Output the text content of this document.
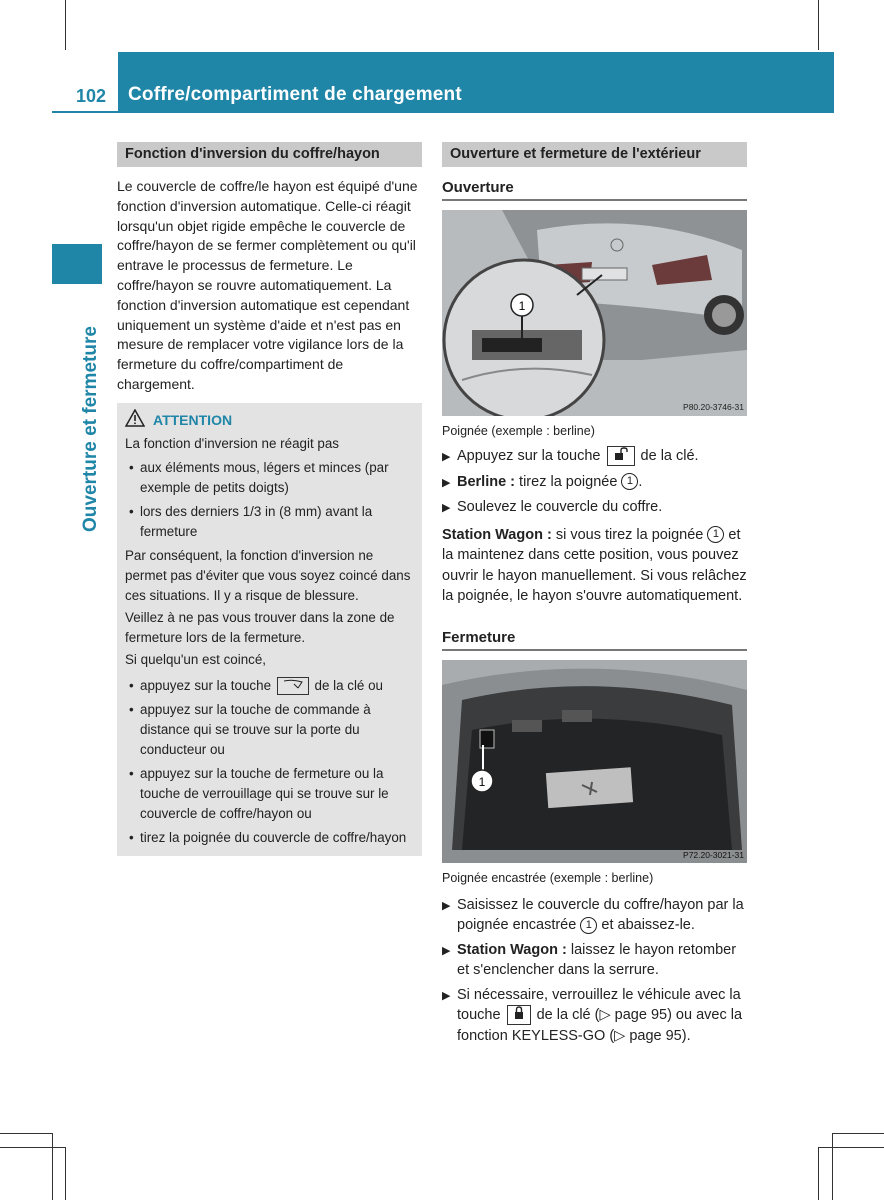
102 Coffre/compartiment de chargement
Ouverture et fermeture
Fonction d'inversion du coffre/hayon
Le couvercle de coffre/le hayon est équipé d'une fonction d'inversion automatique. Celle-ci réagit lorsqu'un objet rigide empêche le couvercle de coffre/hayon de se fermer complètement ou qu'il entrave le processus de fermeture. Le coffre/hayon se rouvre automatiquement. La fonction d'inversion automatique est cependant uniquement un système d'aide et n'est pas en mesure de remplacer votre vigilance lors de la fermeture du coffre/compartiment de chargement.
ATTENTION

La fonction d'inversion ne réagit pas

• aux éléments mous, légers et minces (par exemple de petits doigts)
• lors des derniers 1/3 in (8 mm) avant la fermeture

Par conséquent, la fonction d'inversion ne permet pas d'éviter que vous soyez coincé dans ces situations. Il y a risque de blessure.

Veillez à ne pas vous trouver dans la zone de fermeture lors de la fermeture.

Si quelqu'un est coincé,

• appuyez sur la touche	de la clé ou
• appuyez sur la touche de commande à distance qui se trouve sur la porte du conducteur ou
• appuyez sur la touche de fermeture ou la touche de verrouillage qui se trouve sur le couvercle de coffre/hayon ou
• tirez la poignée du couvercle de coffre/hayon
Ouverture et fermeture de l'extérieur
Ouverture
1
P80.20-3746-31
Poignée (exemple : berline)
▶ Appuyez sur la touche	de la clé.
▶ Berline : tirez la poignée 1 .
▶ Soulevez le couvercle du coffre.
Station Wagon : si vous tirez la poignée 1 et la maintenez dans cette position, vous pouvez ouvrir le hayon manuellement. Si vous relâchez la poignée, le hayon s'ouvre automatiquement.
Fermeture
1
P72.20-3021-31
Poignée encastrée (exemple : berline)
▶ Saisissez le couvercle du coffre/hayon par la poignée encastrée 1 et abaissez-le.
▶ Station Wagon : laissez le hayon retomber et s'enclencher dans la serrure.
▶ Si nécessaire, verrouillez le véhicule avec la touche de la clé (▷ page 95) ou avec la fonction KEYLESS-GO (▷ page 95).
